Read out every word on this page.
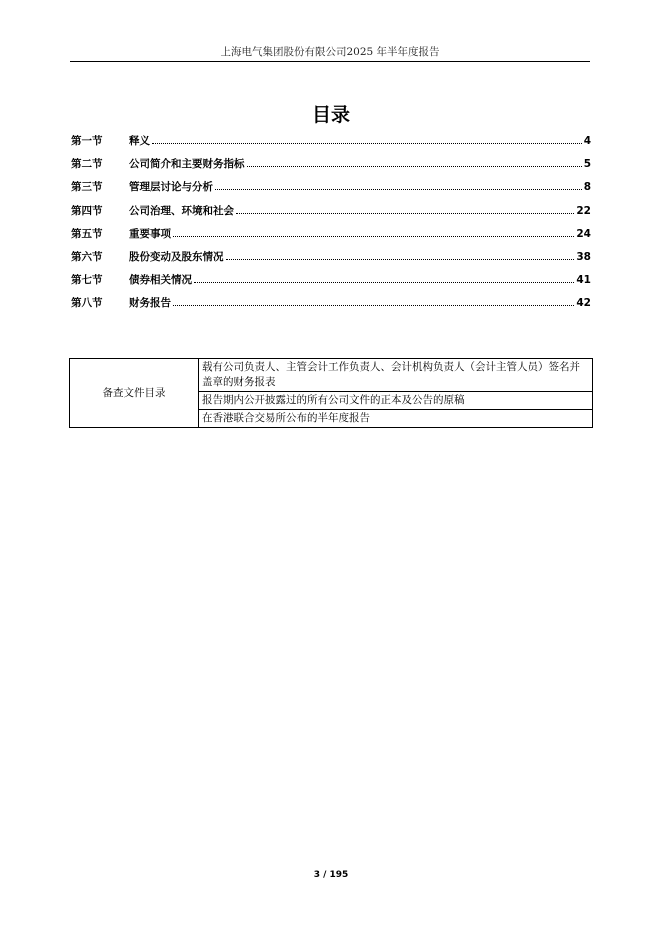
上海电气集团股份有限公司2025 年半年度报告
目录
第一节	释义	4
第二节	公司简介和主要财务指标	5
第三节	管理层讨论与分析	8
第四节	公司治理、环境和社会	22
第五节	重要事项	24
第六节	股份变动及股东情况	38
第七节	债券相关情况	41
第八节	财务报告	42
备查文件目录	载有公司负责人、主管会计工作负责人、会计机构负责人（会计主管人员）签名并盖章的财务报表
报告期内公开披露过的所有公司文件的正本及公告的原稿
在香港联合交易所公布的半年度报告
3 / 195
